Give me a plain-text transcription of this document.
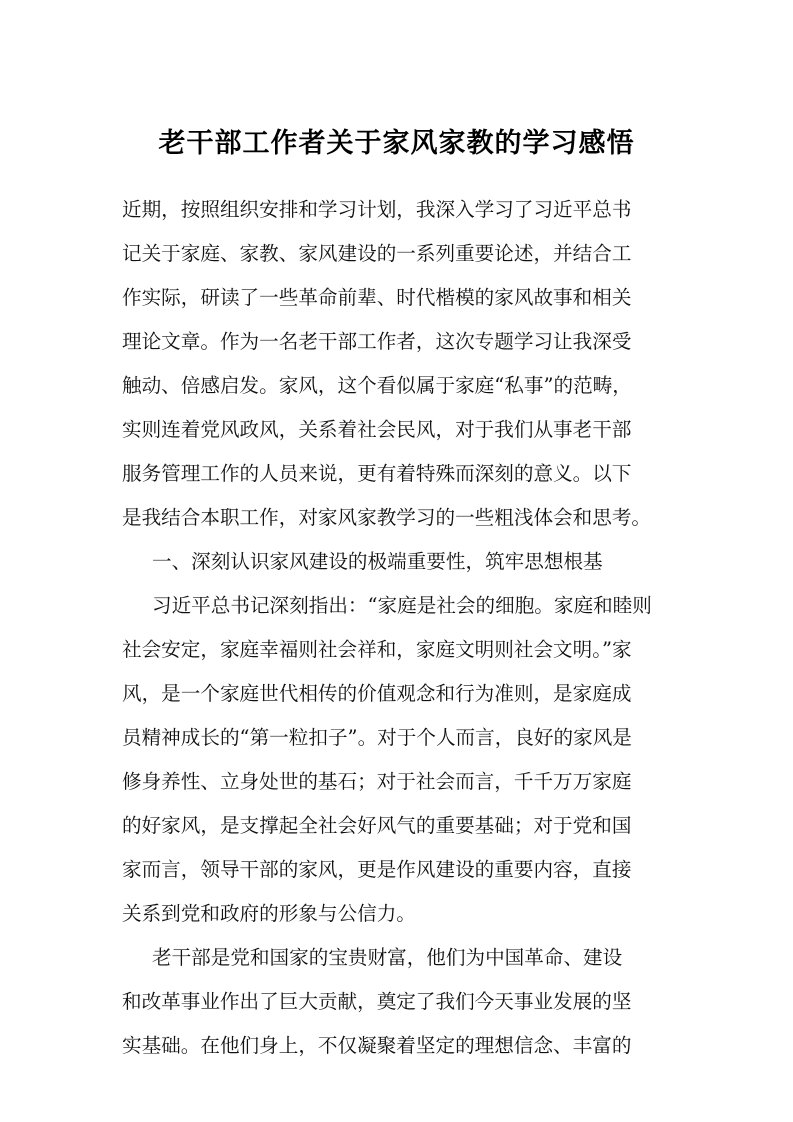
老干部工作者关于家风家教的学习感悟
近期，按照组织安排和学习计划，我深入学习了习近平总书
记关于家庭、家教、家风建设的一系列重要论述，并结合工
作实际，研读了一些革命前辈、时代楷模的家风故事和相关
理论文章。作为一名老干部工作者，这次专题学习让我深受
触动、倍感启发。家风，这个看似属于家庭“私事”的范畴，
实则连着党风政风，关系着社会民风，对于我们从事老干部
服务管理工作的人员来说，更有着特殊而深刻的意义。以下
是我结合本职工作，对家风家教学习的一些粗浅体会和思考。
一、深刻认识家风建设的极端重要性，筑牢思想根基
习近平总书记深刻指出：“家庭是社会的细胞。家庭和睦则
社会安定，家庭幸福则社会祥和，家庭文明则社会文明。”家
风，是一个家庭世代相传的价值观念和行为准则，是家庭成
员精神成长的“第一粒扣子”。对于个人而言，良好的家风是
修身养性、立身处世的基石；对于社会而言，千千万万家庭
的好家风，是支撑起全社会好风气的重要基础；对于党和国
家而言，领导干部的家风，更是作风建设的重要内容，直接
关系到党和政府的形象与公信力。
老干部是党和国家的宝贵财富，他们为中国革命、建设
和改革事业作出了巨大贡献，奠定了我们今天事业发展的坚
实基础。在他们身上，不仅凝聚着坚定的理想信念、丰富的
